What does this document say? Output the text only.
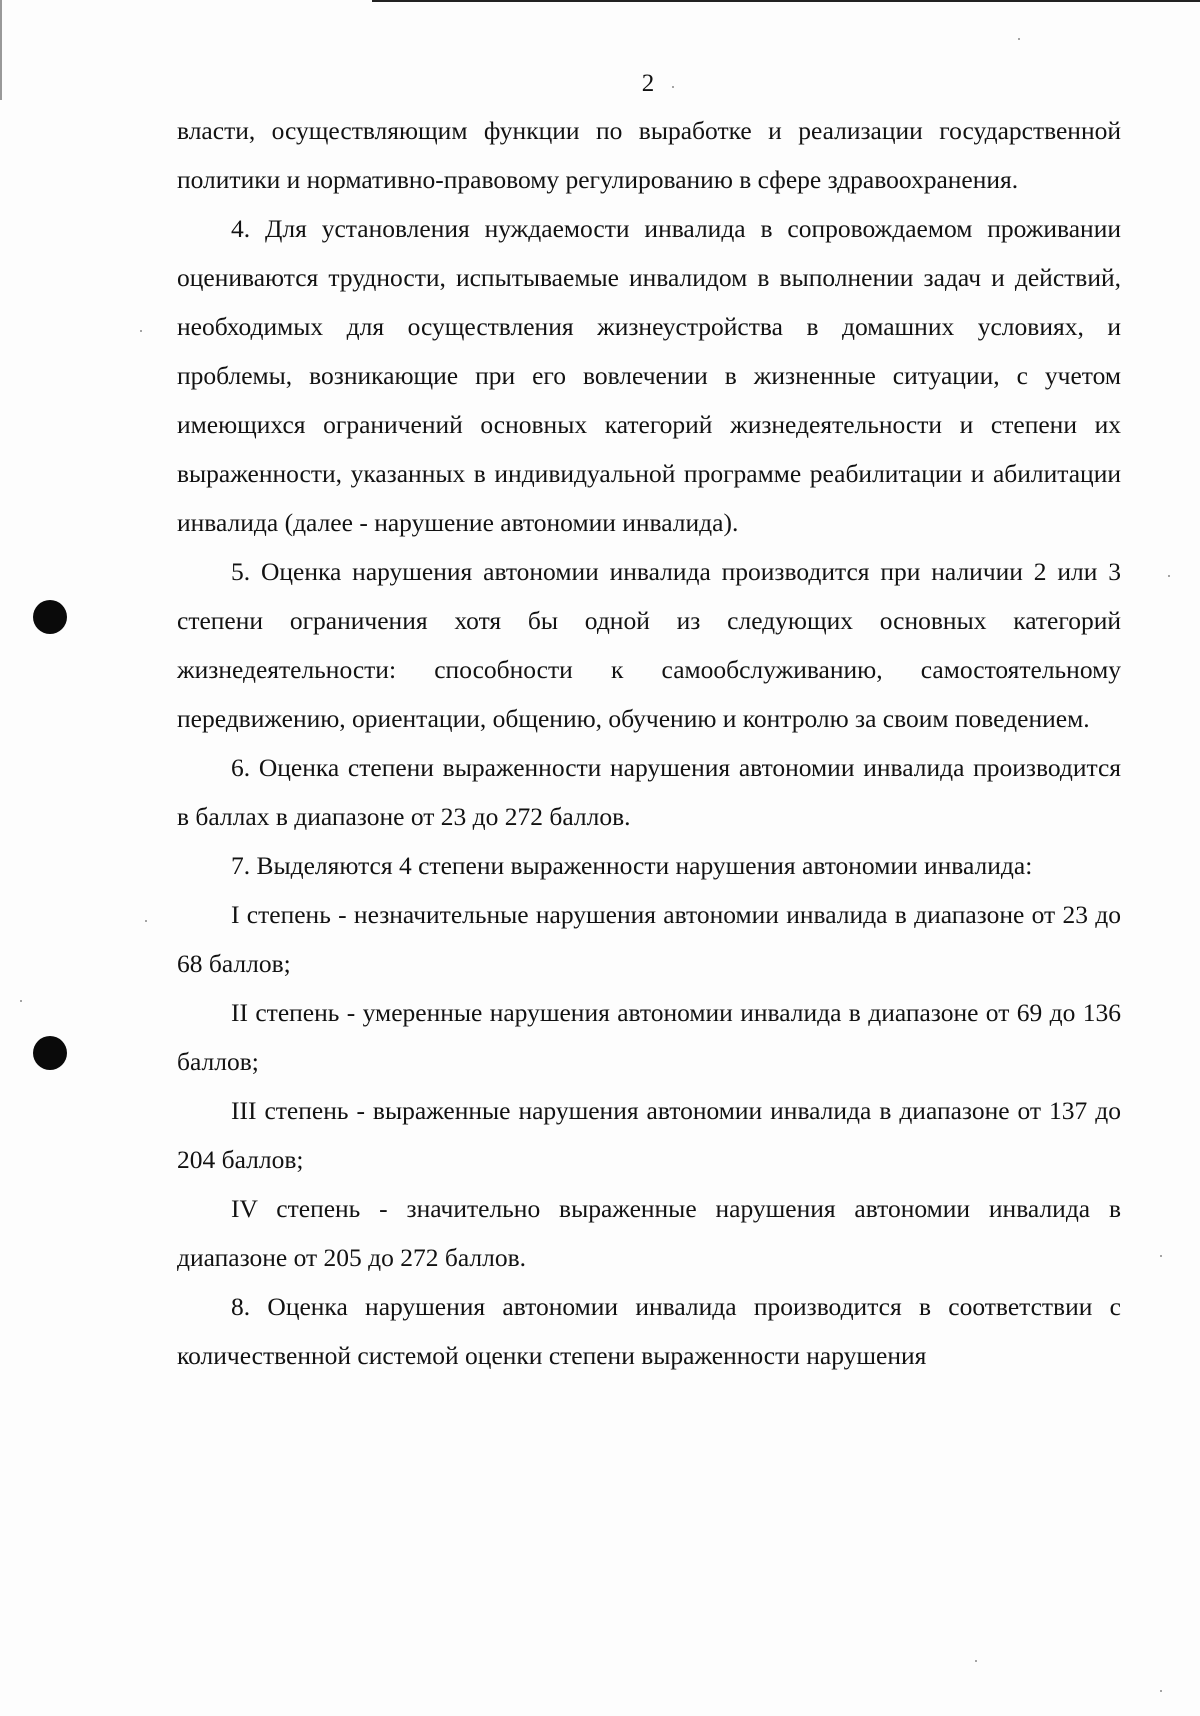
2

власти, осуществляющим функции по выработке и реализации государственной политики и нормативно-правовому регулированию в сфере здравоохранения.

4. Для установления нуждаемости инвалида в сопровождаемом проживании оцениваются трудности, испытываемые инвалидом в выполнении задач и действий, необходимых для осуществления жизнеустройства в домашних условиях, и проблемы, возникающие при его вовлечении в жизненные ситуации, с учетом имеющихся ограничений основных категорий жизнедеятельности и степени их выраженности, указанных в индивидуальной программе реабилитации и абилитации инвалида (далее - нарушение автономии инвалида).

5. Оценка нарушения автономии инвалида производится при наличии 2 или 3 степени ограничения хотя бы одной из следующих основных категорий жизнедеятельности: способности к самообслуживанию, самостоятельному передвижению, ориентации, общению, обучению и контролю за своим поведением.

6. Оценка степени выраженности нарушения автономии инвалида производится в баллах в диапазоне от 23 до 272 баллов.

7. Выделяются 4 степени выраженности нарушения автономии инвалида:

I степень - незначительные нарушения автономии инвалида в диапазоне от 23 до 68 баллов;

II степень - умеренные нарушения автономии инвалида в диапазоне от 69 до 136 баллов;

III степень - выраженные нарушения автономии инвалида в диапазоне от 137 до 204 баллов;

IV степень - значительно выраженные нарушения автономии инвалида в диапазоне от 205 до 272 баллов.

8. Оценка нарушения автономии инвалида производится в соответствии с количественной системой оценки степени выраженности нарушения
